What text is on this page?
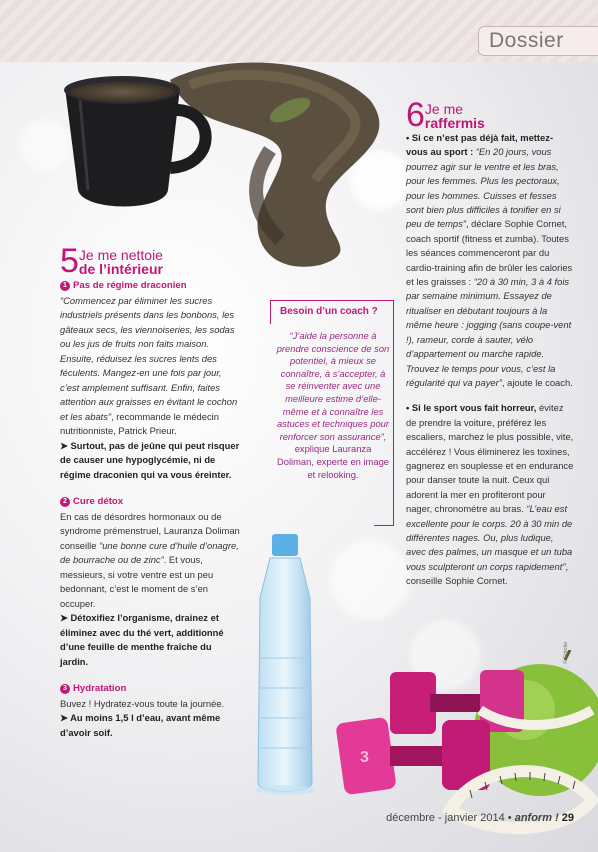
Dossier
3
5 Je me nettoie
de l’intérieur
1 Pas de régime draconien

“Commencez par éliminer les sucres industriels présents dans les bonbons, les gâteaux secs, les viennoiseries, les sodas ou les jus de fruits non faits maison. Ensuite, réduisez les sucres lents des féculents. Mangez-en une fois par jour, c’est amplement suffisant. Enfin, faites attention aux graisses en évitant le cochon et les abats”, recommande le médecin nutritionniste, Patrick Prieur.

➤ Surtout, pas de jeûne qui peut risquer de causer une hypoglycémie, ni de régime draconien qui va vous éreinter.

2 Cure détox

En cas de désordres hormonaux ou de syndrome prémenstruel, Lauranza Doliman conseille “une bonne cure d’huile d’onagre, de bourrache ou de zinc”. Et vous, messieurs, si votre ventre est un peu bedonnant, c’est le moment de s’en occuper.

➤ Détoxifiez l’organisme, drainez et éliminez avec du thé vert, additionné d’une feuille de menthe fraîche du jardin.

3 Hydratation

Buvez ! Hydratez-vous toute la journée.

➤ Au moins 1,5 l d’eau, avant même d’avoir soif.

Besoin d’un coach ?
“J’aide la personne à prendre conscience de son potentiel, à mieux se connaître, à s’accepter, à se réinventer avec une meilleure estime d’elle-même et à connaître les astuces et techniques pour renforcer son assurance”, explique Lauranza Doliman, experte en image et relooking.
6 Je me
raffermis

• Si ce n’est pas déjà fait, mettez-vous au sport : “En 20 jours, vous pourrez agir sur le ventre et les bras, pour les femmes. Plus les pectoraux, pour les hommes. Cuisses et fesses sont bien plus difficiles à tonifier en si peu de temps”, déclare Sophie Cornet, coach sportif (fitness et zumba). Toutes les séances commenceront par du cardio-training afin de brûler les calories et les graisses : “20 à 30 min, 3 à 4 fois par semaine minimum. Essayez de ritualiser en débutant toujours à la même heure : jogging (sans coupe-vent !), rameur, corde à sauter, vélo d’appartement ou marche rapide. Trouvez le temps pour vous, c’est la régularité qui va payer”, ajoute le coach.

• Si le sport vous fait horreur, évitez de prendre la voiture, préférez les escaliers, marchez le plus possible, vite, accélérez ! Vous éliminerez les toxines, gagnerez en souplesse et en endurance pour danser toute la nuit. Ceux qui adorent la mer en profiteront pour nager, chronométre au bras. “L’eau est excellente pour le corps. 20 à 30 min de différentes nages. Ou, plus ludique, avec des palmes, un masque et un tuba vous sculpteront un corps rapidement”, conseille Sophie Cornet.

© Fotolia
décembre - janvier 2014 • anform ! 29
